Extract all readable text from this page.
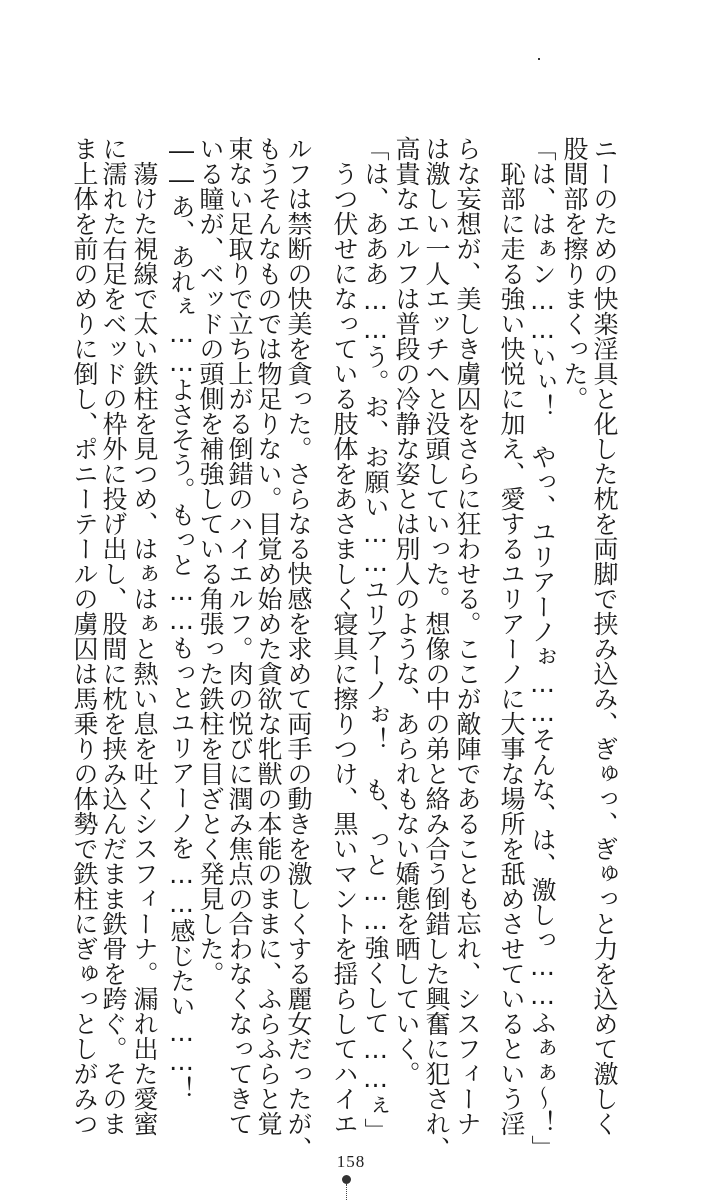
ニーのための快楽淫具と化した枕を両脚で挟み込み、ぎゅっ、ぎゅっと力を込めて激しく
股間部を擦りまくった。
「は、はぁン……いぃ！　やっ、ユリアーノぉ……そんな、は、激しっ……ふぁぁ～！」
恥部に走る強い快悦に加え、愛するユリアーノに大事な場所を舐めさせているという淫
らな妄想が、美しき虜囚をさらに狂わせる。ここが敵陣であることも忘れ、シスフィーナ
は激しい一人エッチへと没頭していった。想像の中の弟と絡み合う倒錯した興奮に犯され、
高貴なエルフは普段の冷静な姿とは別人のような、あられもない嬌態を晒していく。
「は、あああ……う。お、お願い……ユリアーノぉ！　も、っと……強くして……ぇ」
うつ伏せになっている肢体をあさましく寝具に擦りつけ、黒いマントを揺らしてハイエ
ルフは禁断の快美を貪った。さらなる快感を求めて両手の動きを激しくする麗女だったが、
もうそんなものでは物足りない。目覚め始めた貪欲な牝獣の本能のままに、ふらふらと覚
束ない足取りで立ち上がる倒錯のハイエルフ。肉の悦びに潤み焦点の合わなくなってきて
いる瞳が、ベッドの頭側を補強している角張った鉄柱を目ざとく発見した。
――あ、あれぇ……よさそう。もっと……もっとユリアーノを……感じたい……！
蕩けた視線で太い鉄柱を見つめ、はぁはぁと熱い息を吐くシスフィーナ。漏れ出た愛蜜
に濡れた右足をベッドの枠外に投げ出し、股間に枕を挟み込んだまま鉄骨を跨ぐ。そのま
ま上体を前のめりに倒し、ポニーテールの虜囚は馬乗りの体勢で鉄柱にぎゅっとしがみつ
158
